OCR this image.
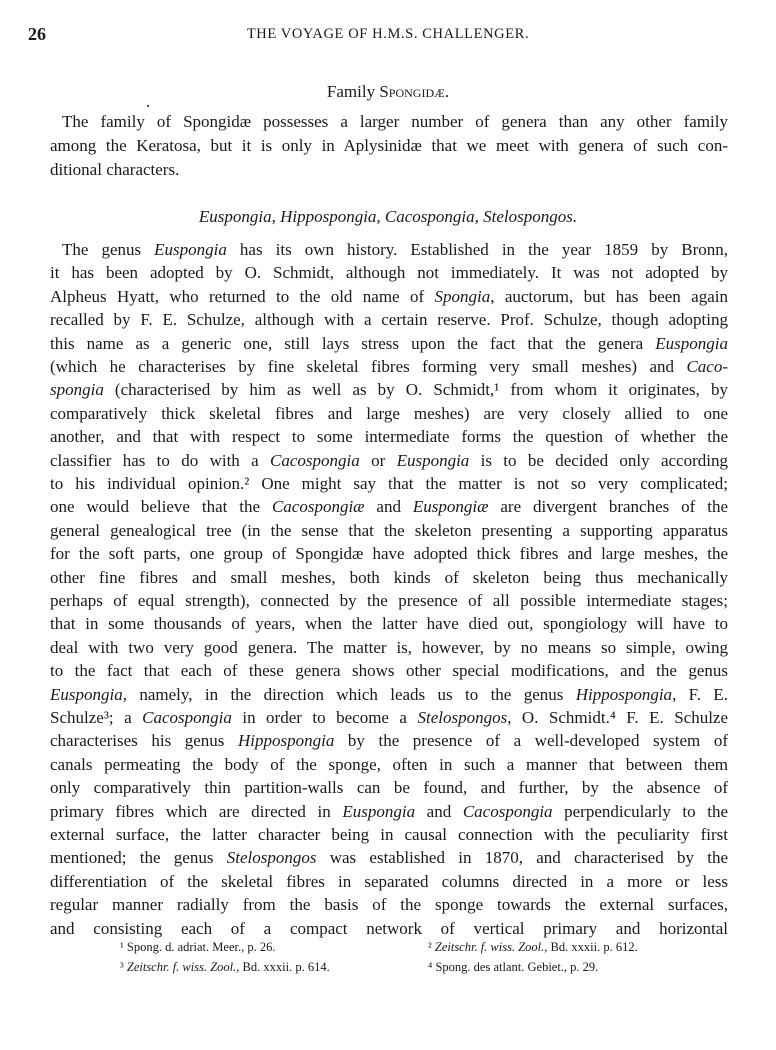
26	THE VOYAGE OF H.M.S. CHALLENGER.
Family Spongidæ.
.
The family of Spongidæ possesses a larger number of genera than any other family
among the Keratosa, but it is only in Aplysinidæ that we meet with genera of such con-
ditional characters.
Euspongia, Hippospongia, Cacospongia, Stelospongos.
The genus Euspongia has its own history. Established in the year 1859 by Bronn,
it has been adopted by O. Schmidt, although not immediately. It was not adopted by
Alpheus Hyatt, who returned to the old name of Spongia, auctorum, but has been again
recalled by F. E. Schulze, although with a certain reserve. Prof. Schulze, though adopting
this name as a generic one, still lays stress upon the fact that the genera Euspongia
(which he characterises by fine skeletal fibres forming very small meshes) and Caco-
spongia (characterised by him as well as by O. Schmidt,¹ from whom it originates, by
comparatively thick skeletal fibres and large meshes) are very closely allied to one
another, and that with respect to some intermediate forms the question of whether the
classifier has to do with a Cacospongia or Euspongia is to be decided only according
to his individual opinion.² One might say that the matter is not so very complicated;
one would believe that the Cacospongiæ and Euspongiæ are divergent branches of the
general genealogical tree (in the sense that the skeleton presenting a supporting apparatus
for the soft parts, one group of Spongidæ have adopted thick fibres and large meshes, the
other fine fibres and small meshes, both kinds of skeleton being thus mechanically
perhaps of equal strength), connected by the presence of all possible intermediate stages;
that in some thousands of years, when the latter have died out, spongiology will have to
deal with two very good genera. The matter is, however, by no means so simple, owing
to the fact that each of these genera shows other special modifications, and the genus
Euspongia, namely, in the direction which leads us to the genus Hippospongia, F. E.
Schulze³; a Cacospongia in order to become a Stelospongos, O. Schmidt.⁴ F. E. Schulze
characterises his genus Hippospongia by the presence of a well-developed system of
canals permeating the body of the sponge, often in such a manner that between them
only comparatively thin partition-walls can be found, and further, by the absence of
primary fibres which are directed in Euspongia and Cacospongia perpendicularly to the
external surface, the latter character being in causal connection with the peculiarity first
mentioned; the genus Stelospongos was established in 1870, and characterised by the
differentiation of the skeletal fibres in separated columns directed in a more or less
regular manner radially from the basis of the sponge towards the external surfaces,
and consisting each of a compact network of vertical primary and horizontal
¹ Spong. d. adriat. Meer., p. 26.	² Zeitschr. f. wiss. Zool., Bd. xxxii. p. 612.
³ Zeitschr. f. wiss. Zool., Bd. xxxii. p. 614.	⁴ Spong. des atlant. Gebiet., p. 29.
